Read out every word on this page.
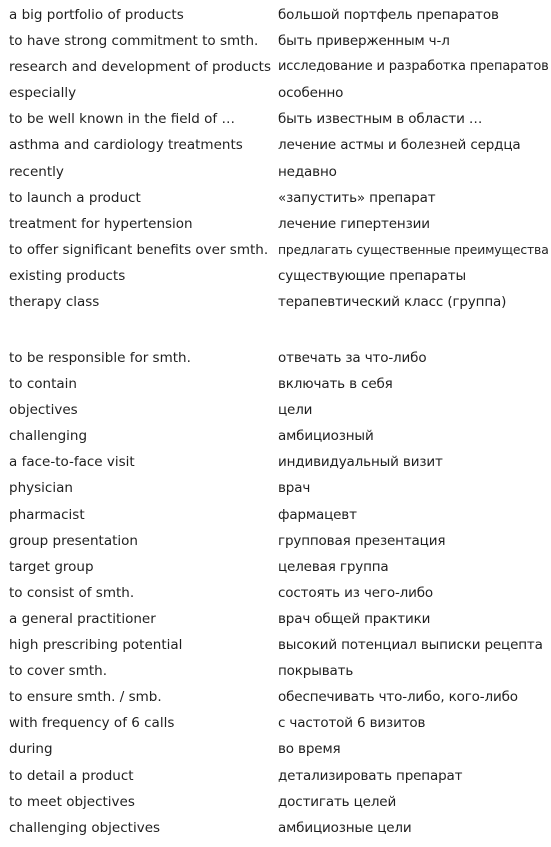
a big portfolio of products	большой портфель препаратов
to have strong commitment to smth. быть приверженным ч-л
research and development of products исследование и разработка препаратов
especially	особенно
to be well known in the field of …	быть известным в области …
asthma and cardiology treatments	лечение астмы и болезней сердца
recently	недавно
to launch a product	«запустить» препарат
treatment for hypertension	лечение гипертензии
to offer significant benefits over smth. предлагать существенные преимущества
existing products	существующие препараты
therapy class	терапевтический класс (группа)
to be responsible for smth.	отвечать за что-либо
to contain	включать в себя
objectives	цели
challenging	амбициозный
a face-to-face visit	индивидуальный визит
physician	врач
pharmacist	фармацевт
group presentation	групповая презентация
target group	целевая группа
to consist of smth.	состоять из чего-либо
a general practitioner	врач общей практики
high prescribing potential	высокий потенциал выписки рецепта
to cover smth.	покрывать
to ensure smth. / smb.	обеспечивать что-либо, кого-либо
with frequency of 6 calls	с частотой 6 визитов
during	во время
to detail a product	детализировать препарат
to meet objectives	достигать целей
challenging objectives	амбициозные цели
